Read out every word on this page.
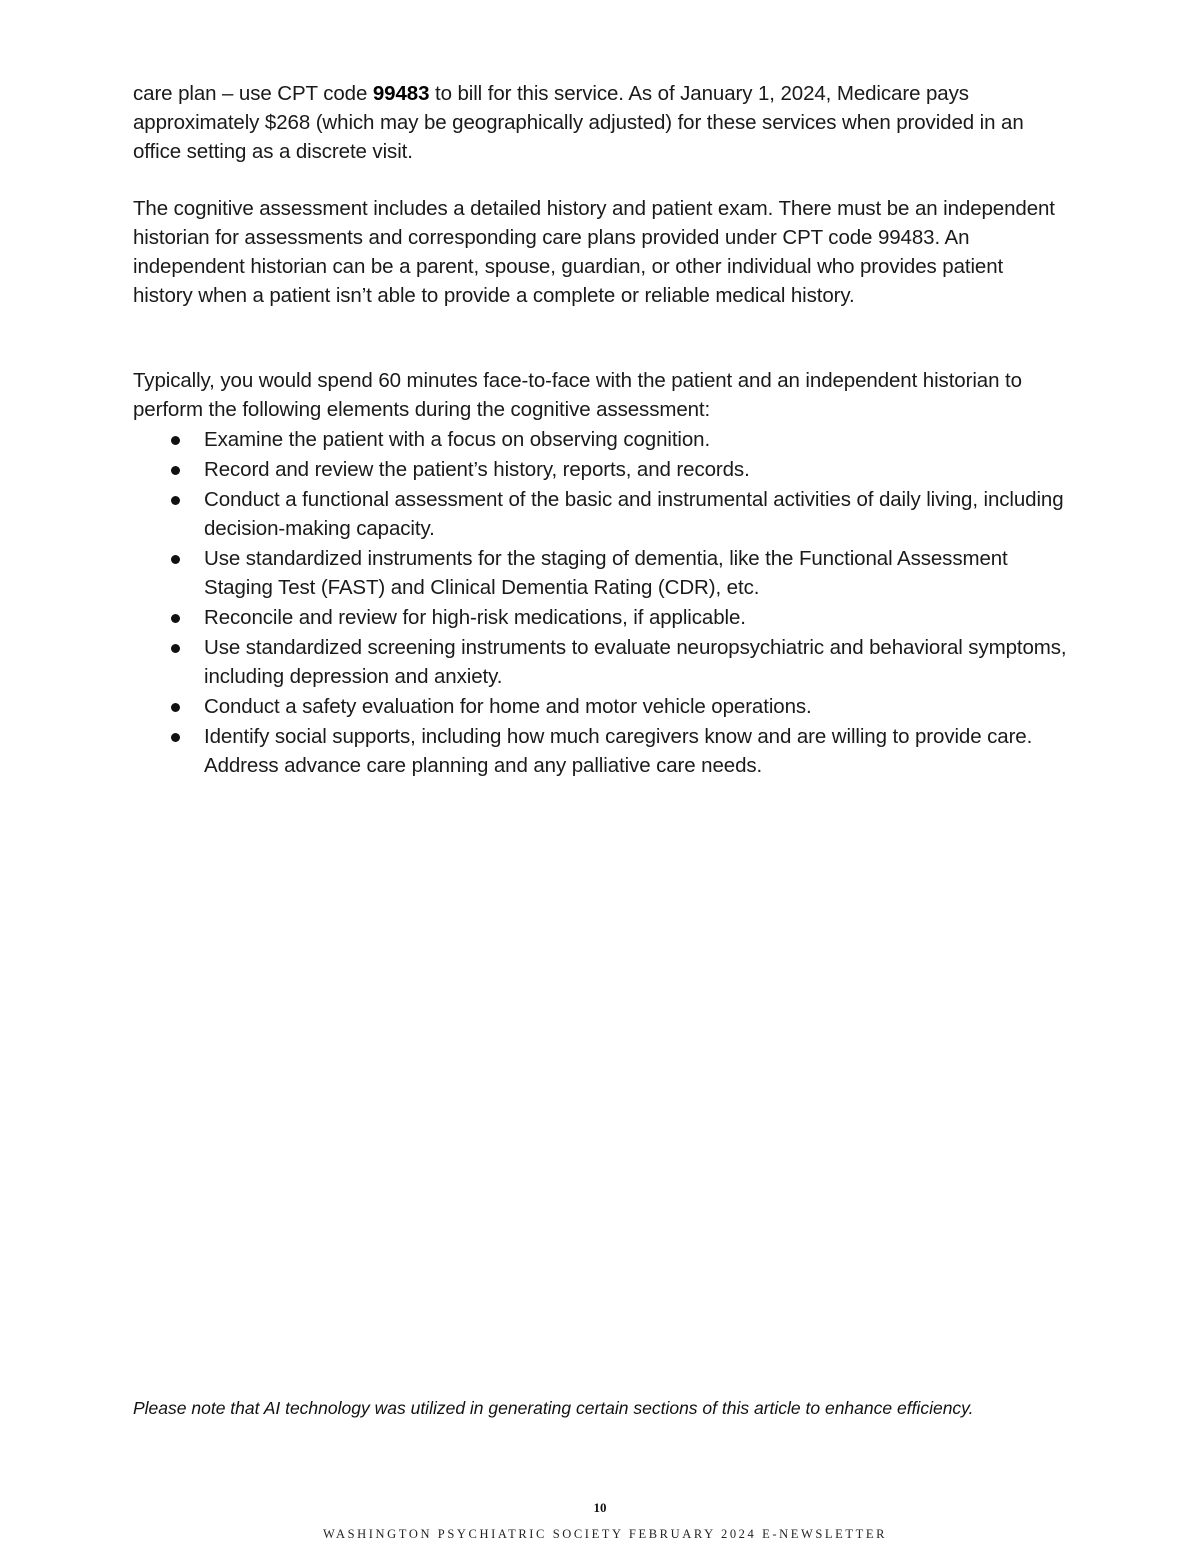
care plan – use CPT code 99483 to bill for this service. As of January 1, 2024, Medicare pays approximately $268 (which may be geographically adjusted) for these services when provided in an office setting as a discrete visit.

The cognitive assessment includes a detailed history and patient exam. There must be an independent historian for assessments and corresponding care plans provided under CPT code 99483. An independent historian can be a parent, spouse, guardian, or other individual who provides patient history when a patient isn’t able to provide a complete or reliable medical history.

Typically, you would spend 60 minutes face-to-face with the patient and an independent historian to perform the following elements during the cognitive assessment:

Examine the patient with a focus on observing cognition.
Record and review the patient’s history, reports, and records.
Conduct a functional assessment of the basic and instrumental activities of daily living, including decision-making capacity.
Use standardized instruments for the staging of dementia, like the Functional Assessment Staging Test (FAST) and Clinical Dementia Rating (CDR), etc.
Reconcile and review for high-risk medications, if applicable.
Use standardized screening instruments to evaluate neuropsychiatric and behavioral symptoms, including depression and anxiety.
Conduct a safety evaluation for home and motor vehicle operations.
Identify social supports, including how much caregivers know and are willing to provide care. Address advance care planning and any palliative care needs.

Please note that AI technology was utilized in generating certain sections of this article to enhance efficiency.

10
WASHINGTON PSYCHIATRIC SOCIETY FEBRUARY 2024 E-NEWSLETTER
